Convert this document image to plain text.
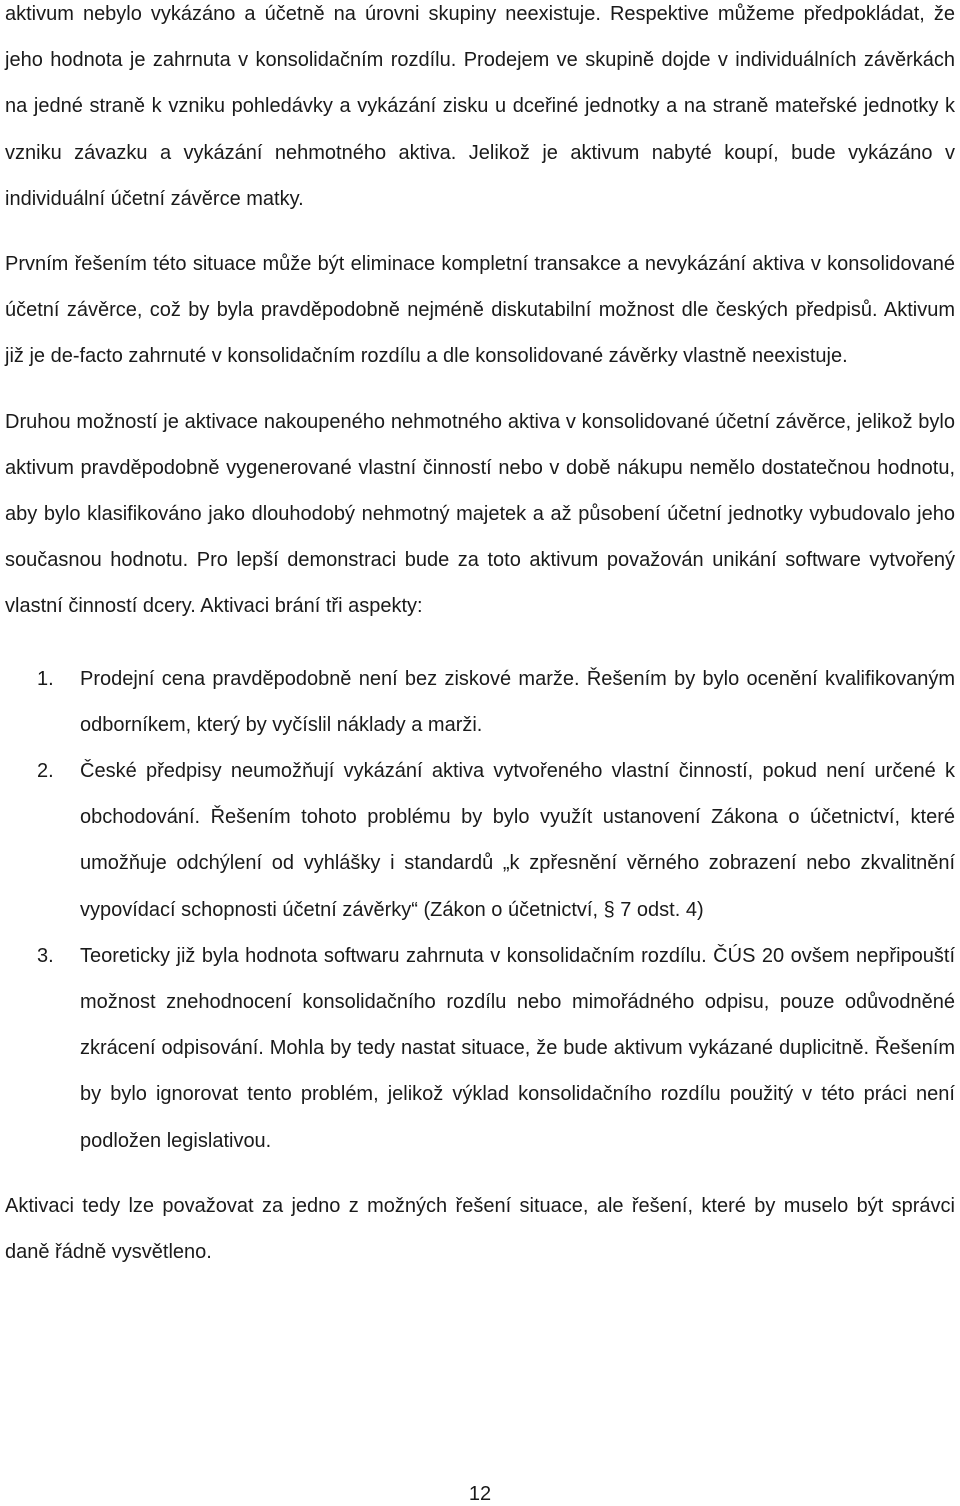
aktivum nebylo vykázáno a účetně na úrovni skupiny neexistuje. Respektive můžeme předpokládat, že jeho hodnota je zahrnuta v konsolidačním rozdílu. Prodejem ve skupině dojde v individuálních závěrkách na jedné straně k vzniku pohledávky a vykázání zisku u dceřiné jednotky a na straně mateřské jednotky k vzniku závazku a vykázání nehmotného aktiva. Jelikož je aktivum nabyté koupí, bude vykázáno v individuální účetní závěrce matky.

Prvním řešením této situace může být eliminace kompletní transakce a nevykázání aktiva v konsolidované účetní závěrce, což by byla pravděpodobně nejméně diskutabilní možnost dle českých předpisů. Aktivum již je de-facto zahrnuté v konsolidačním rozdílu a dle konsolidované závěrky vlastně neexistuje.

Druhou možností je aktivace nakoupeného nehmotného aktiva v konsolidované účetní závěrce, jelikož bylo aktivum pravděpodobně vygenerované vlastní činností nebo v době nákupu nemělo dostatečnou hodnotu, aby bylo klasifikováno jako dlouhodobý nehmotný majetek a až působení účetní jednotky vybudovalo jeho současnou hodnotu. Pro lepší demonstraci bude za toto aktivum považován unikání software vytvořený vlastní činností dcery. Aktivaci brání tři aspekty:

1. Prodejní cena pravděpodobně není bez ziskové marže. Řešením by bylo ocenění kvalifikovaným odborníkem, který by vyčíslil náklady a marži.
2. České předpisy neumožňují vykázání aktiva vytvořeného vlastní činností, pokud není určené k obchodování. Řešením tohoto problému by bylo využít ustanovení Zákona o účetnictví, které umožňuje odchýlení od vyhlášky i standardů „k zpřesnění věrného zobrazení nebo zkvalitnění vypovídací schopnosti účetní závěrky“ (Zákon o účetnictví, § 7 odst. 4)
3. Teoreticky již byla hodnota softwaru zahrnuta v konsolidačním rozdílu. ČÚS 20 ovšem nepřipouští možnost znehodnocení konsolidačního rozdílu nebo mimořádného odpisu, pouze odůvodněné zkrácení odpisování. Mohla by tedy nastat situace, že bude aktivum vykázané duplicitně. Řešením by bylo ignorovat tento problém, jelikož výklad konsolidačního rozdílu použitý v této práci není podložen legislativou.

Aktivaci tedy lze považovat za jedno z možných řešení situace, ale řešení, které by muselo být správci daně řádně vysvětleno.

12
